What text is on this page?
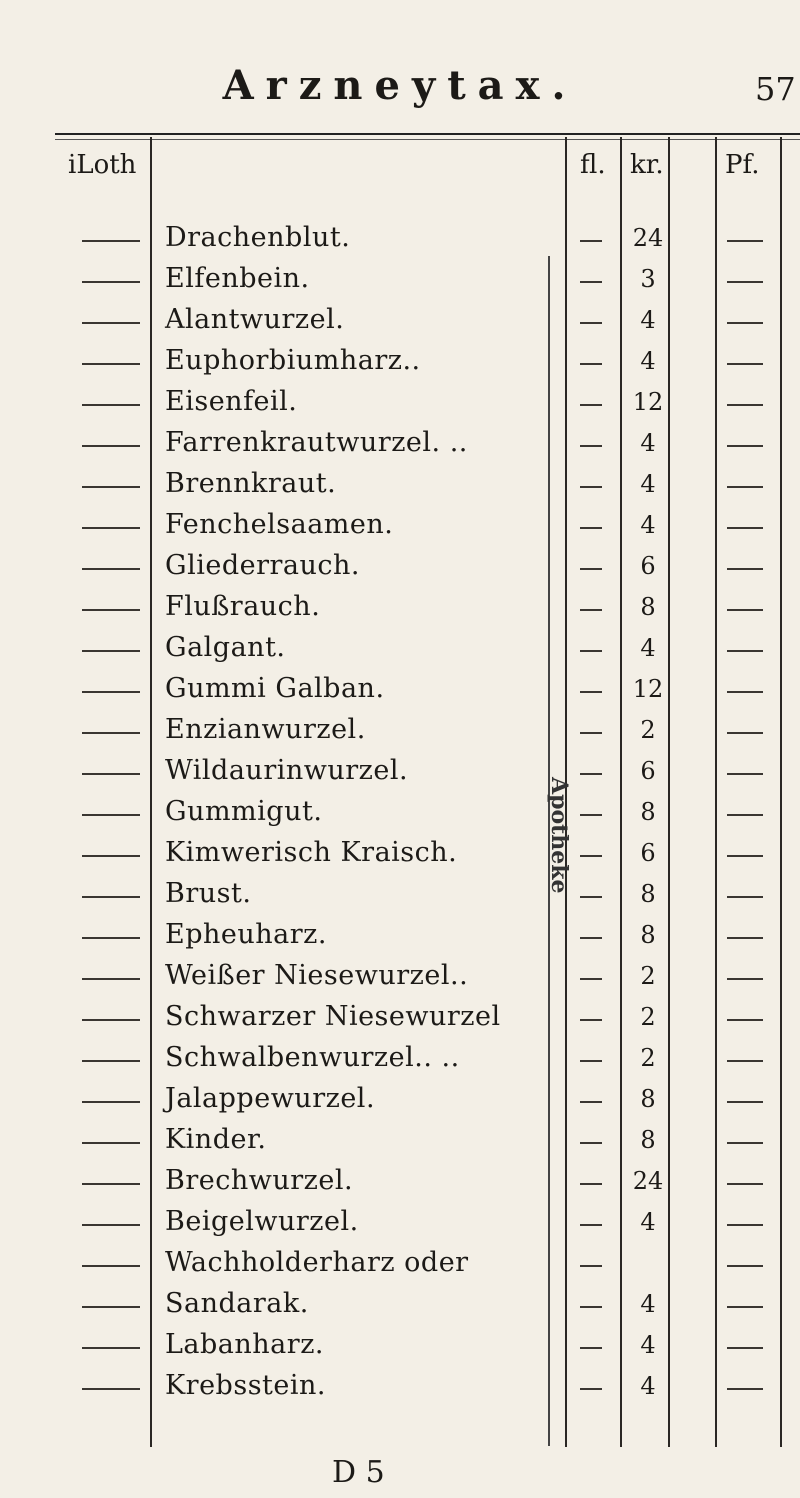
Arzneytax.	57
iLoth	fl. kr. Pf.
Apotheke
Drachenblut.	24
Elfenbein.	3
Alantwurzel.	4
Euphorbiumharz..	4
Eisenfeil.	12
Farrenkrautwurzel. ..	4
Brennkraut.	4
Fenchelsaamen.	4
Gliederrauch.	6
Flußrauch.	8
Galgant.	4
Gummi Galban.	12
Enzianwurzel.	2
Wildaurinwurzel.	6
Gummigut.	8
Kimwerisch Kraisch.	6
Brust.	8
Epheuharz.	8
Weißer Niesewurzel..	2
Schwarzer Niesewurzel	2
Schwalbenwurzel.. ..	2
Jalappewurzel.	8
Kinder.	8
Brechwurzel.	24
Beigelwurzel.	4
Wachholderharz oder
Sandarak.	4
Labanharz.	4
Krebsstein.	4
D 5
